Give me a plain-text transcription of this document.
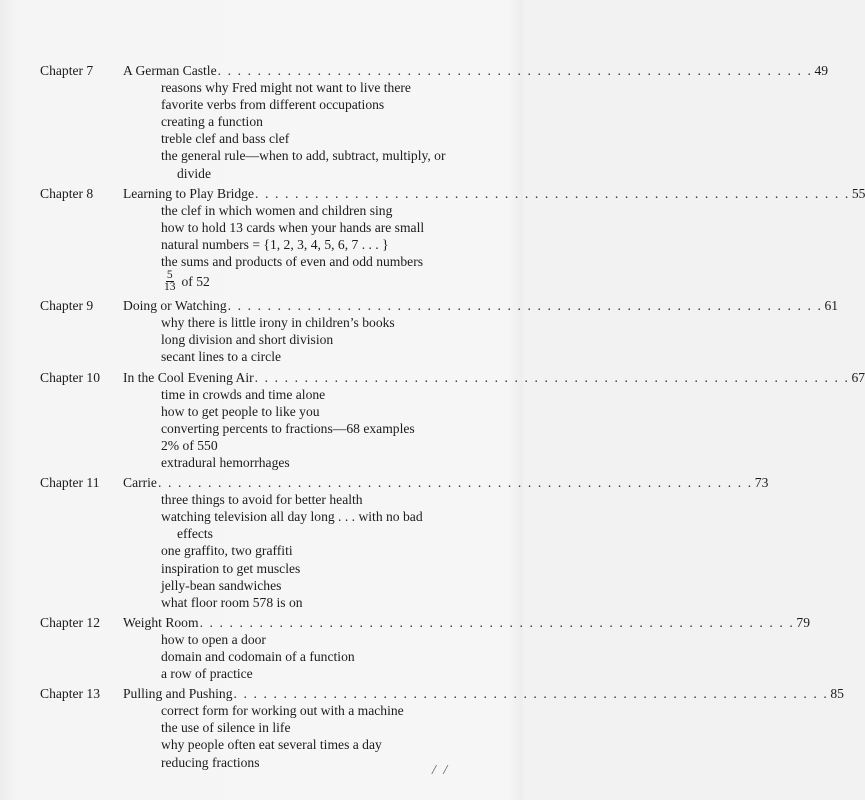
Chapter 7	A German Castle . . . . . . . . . . . . . . . . . . . . . . . . . . . . . . . . . . . . . . . . . . . . . . . . . . . . . . . . . . . . 49
reasons why Fred might not want to live there
favorite verbs from different occupations
creating a function
treble clef and bass clef
the general rule—when to add, subtract, multiply, or
divide
Chapter 8	Learning to Play Bridge . . . . . . . . . . . . . . . . . . . . . . . . . . . . . . . . . . . . . . . . . . . . . . . . . . . . . . . . . . . . 55
the clef in which women and children sing
how to hold 13 cards when your hands are small
natural numbers = {1, 2, 3, 4, 5, 6, 7 . . . }
the sums and products of even and odd numbers
$\frac{5}{13}$ of 52
Chapter 9	Doing or Watching . . . . . . . . . . . . . . . . . . . . . . . . . . . . . . . . . . . . . . . . . . . . . . . . . . . . . . . . . . . . 61
why there is little irony in children’s books
long division and short division
secant lines to a circle
Chapter 10	In the Cool Evening Air . . . . . . . . . . . . . . . . . . . . . . . . . . . . . . . . . . . . . . . . . . . . . . . . . . . . . . . . . . . . 67
time in crowds and time alone
how to get people to like you
converting percents to fractions—68 examples
2% of 550
extradural hemorrhages
Chapter 11	Carrie . . . . . . . . . . . . . . . . . . . . . . . . . . . . . . . . . . . . . . . . . . . . . . . . . . . . . . . . . . . . 73
three things to avoid for better health
watching television all day long . . . with no bad
effects
one graffito, two graffiti
inspiration to get muscles
jelly-bean sandwiches
what floor room 578 is on
Chapter 12	Weight Room . . . . . . . . . . . . . . . . . . . . . . . . . . . . . . . . . . . . . . . . . . . . . . . . . . . . . . . . . . . . 79
how to open a door
domain and codomain of a function
a row of practice
Chapter 13	Pulling and Pushing . . . . . . . . . . . . . . . . . . . . . . . . . . . . . . . . . . . . . . . . . . . . . . . . . . . . . . . . . . . . 85
correct form for working out with a machine
the use of silence in life
why people often eat several times a day
reducing fractions
/ /
